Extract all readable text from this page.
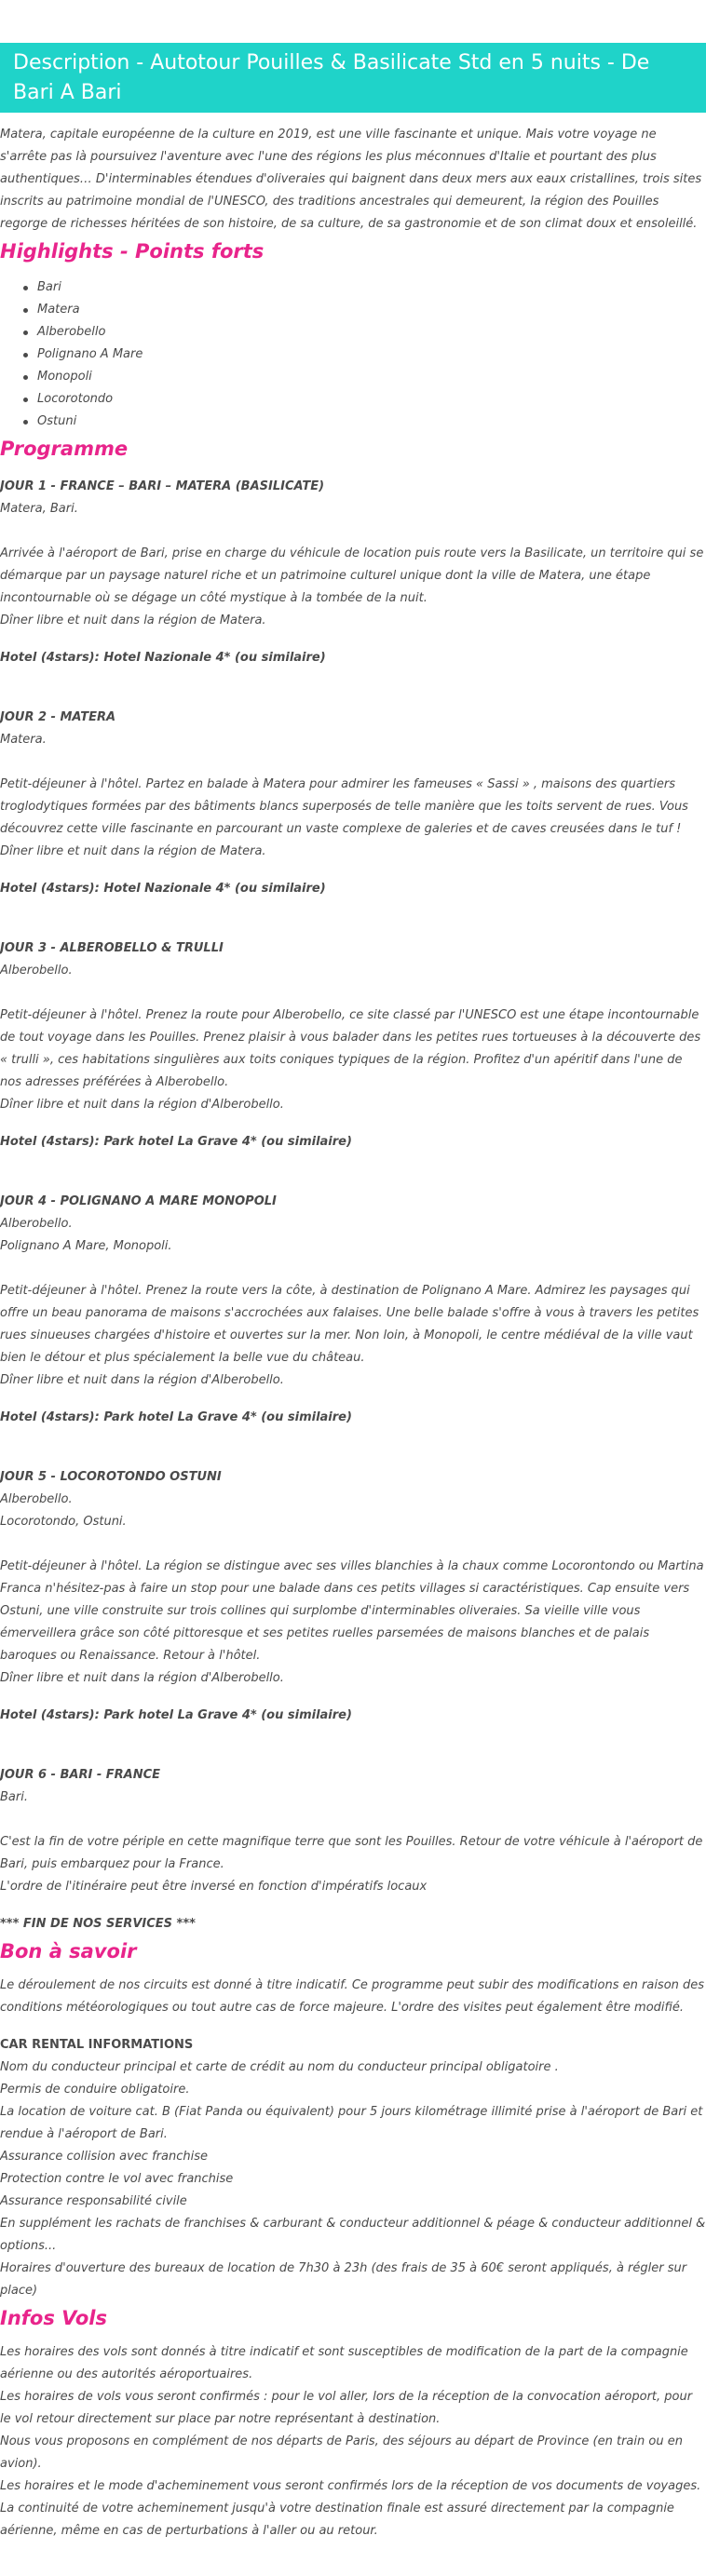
Description - Autotour Pouilles & Basilicate Std en 5 nuits - De Bari A Bari

Matera, capitale européenne de la culture en 2019, est une ville fascinante et unique. Mais votre voyage ne s'arrête pas là poursuivez l'aventure avec l'une des régions les plus méconnues d'Italie et pourtant des plus authentiques… D'interminables étendues d'oliveraies qui baignent dans deux mers aux eaux cristallines, trois sites inscrits au patrimoine mondial de l'UNESCO, des traditions ancestrales qui demeurent, la région des Pouilles regorge de richesses héritées de son histoire, de sa culture, de sa gastronomie et de son climat doux et ensoleillé.

Highlights - Points forts
Bari
Matera
Alberobello
Polignano A Mare
Monopoli
Locorotondo
Ostuni
Programme

JOUR 1 - FRANCE – BARI – MATERA (BASILICATE)

Matera, Bari.

Arrivée à l'aéroport de Bari, prise en charge du véhicule de location puis route vers la Basilicate, un territoire qui se démarque par un paysage naturel riche et un patrimoine culturel unique dont la ville de Matera, une étape incontournable où se dégage un côté mystique à la tombée de la nuit.
Dîner libre et nuit dans la région de Matera.

Hotel (4stars): Hotel Nazionale 4* (ou similaire)

JOUR 2 - MATERA

Matera.

Petit-déjeuner à l'hôtel. Partez en balade à Matera pour admirer les fameuses « Sassi » , maisons des quartiers troglodytiques formées par des bâtiments blancs superposés de telle manière que les toits servent de rues. Vous découvrez cette ville fascinante en parcourant un vaste complexe de galeries et de caves creusées dans le tuf !
Dîner libre et nuit dans la région de Matera.

Hotel (4stars): Hotel Nazionale 4* (ou similaire)

JOUR 3 - ALBEROBELLO & TRULLI

Alberobello.

Petit-déjeuner à l'hôtel. Prenez la route pour Alberobello, ce site classé par l'UNESCO est une étape incontournable de tout voyage dans les Pouilles. Prenez plaisir à vous balader dans les petites rues tortueuses à la découverte des « trulli », ces habitations singulières aux toits coniques typiques de la région. Profitez d'un apéritif dans l'une de nos adresses préférées à Alberobello.
Dîner libre et nuit dans la région d'Alberobello.

Hotel (4stars): Park hotel La Grave 4* (ou similaire)

JOUR 4 - POLIGNANO A MARE MONOPOLI

Alberobello.

Polignano A Mare, Monopoli.

Petit-déjeuner à l'hôtel. Prenez la route vers la côte, à destination de Polignano A Mare. Admirez les paysages qui offre un beau panorama de maisons s'accrochées aux falaises. Une belle balade s'offre à vous à travers les petites rues sinueuses chargées d'histoire et ouvertes sur la mer. Non loin, à Monopoli, le centre médiéval de la ville vaut bien le détour et plus spécialement la belle vue du château.
Dîner libre et nuit dans la région d'Alberobello.

Hotel (4stars): Park hotel La Grave 4* (ou similaire)

JOUR 5 - LOCOROTONDO OSTUNI

Alberobello.

Locorotondo, Ostuni.

Petit-déjeuner à l'hôtel. La région se distingue avec ses villes blanchies à la chaux comme Locorontondo ou Martina Franca n'hésitez-pas à faire un stop pour une balade dans ces petits villages si caractéristiques. Cap ensuite vers Ostuni, une ville construite sur trois collines qui surplombe d'interminables oliveraies. Sa vieille ville vous émerveillera grâce son côté pittoresque et ses petites ruelles parsemées de maisons blanches et de palais baroques ou Renaissance. Retour à l'hôtel.
Dîner libre et nuit dans la région d'Alberobello.

Hotel (4stars): Park hotel La Grave 4* (ou similaire)

JOUR 6 - BARI - FRANCE

Bari.

C'est la fin de votre périple en cette magnifique terre que sont les Pouilles. Retour de votre véhicule à l'aéroport de Bari, puis embarquez pour la France.
L'ordre de l'itinéraire peut être inversé en fonction d'impératifs locaux

*** FIN DE NOS SERVICES ***

Bon à savoir

Le déroulement de nos circuits est donné à titre indicatif. Ce programme peut subir des modifications en raison des conditions météorologiques ou tout autre cas de force majeure. L'ordre des visites peut également être modifié.

CAR RENTAL INFORMATIONS

Nom du conducteur principal et carte de crédit au nom du conducteur principal obligatoire .
Permis de conduire obligatoire.
La location de voiture cat. B (Fiat Panda ou équivalent) pour 5 jours kilométrage illimité prise à l'aéroport de Bari et rendue à l'aéroport de Bari.
Assurance collision avec franchise
Protection contre le vol avec franchise
Assurance responsabilité civile
En supplément les rachats de franchises & carburant & conducteur additionnel & péage & conducteur additionnel & options...
Horaires d'ouverture des bureaux de location de 7h30 à 23h (des frais de 35 à 60€ seront appliqués, à régler sur place)
Infos Vols
Les horaires des vols sont donnés à titre indicatif et sont susceptibles de modification de la part de la compagnie aérienne ou des autorités aéroportuaires.
Les horaires de vols vous seront confirmés : pour le vol aller, lors de la réception de la convocation aéroport, pour le vol retour directement sur place par notre représentant à destination.
Nous vous proposons en complément de nos départs de Paris, des séjours au départ de Province (en train ou en avion).
Les horaires et le mode d'acheminement vous seront confirmés lors de la réception de vos documents de voyages.
La continuité de votre acheminement jusqu'à votre destination finale est assuré directement par la compagnie aérienne, même en cas de perturbations à l'aller ou au retour.
